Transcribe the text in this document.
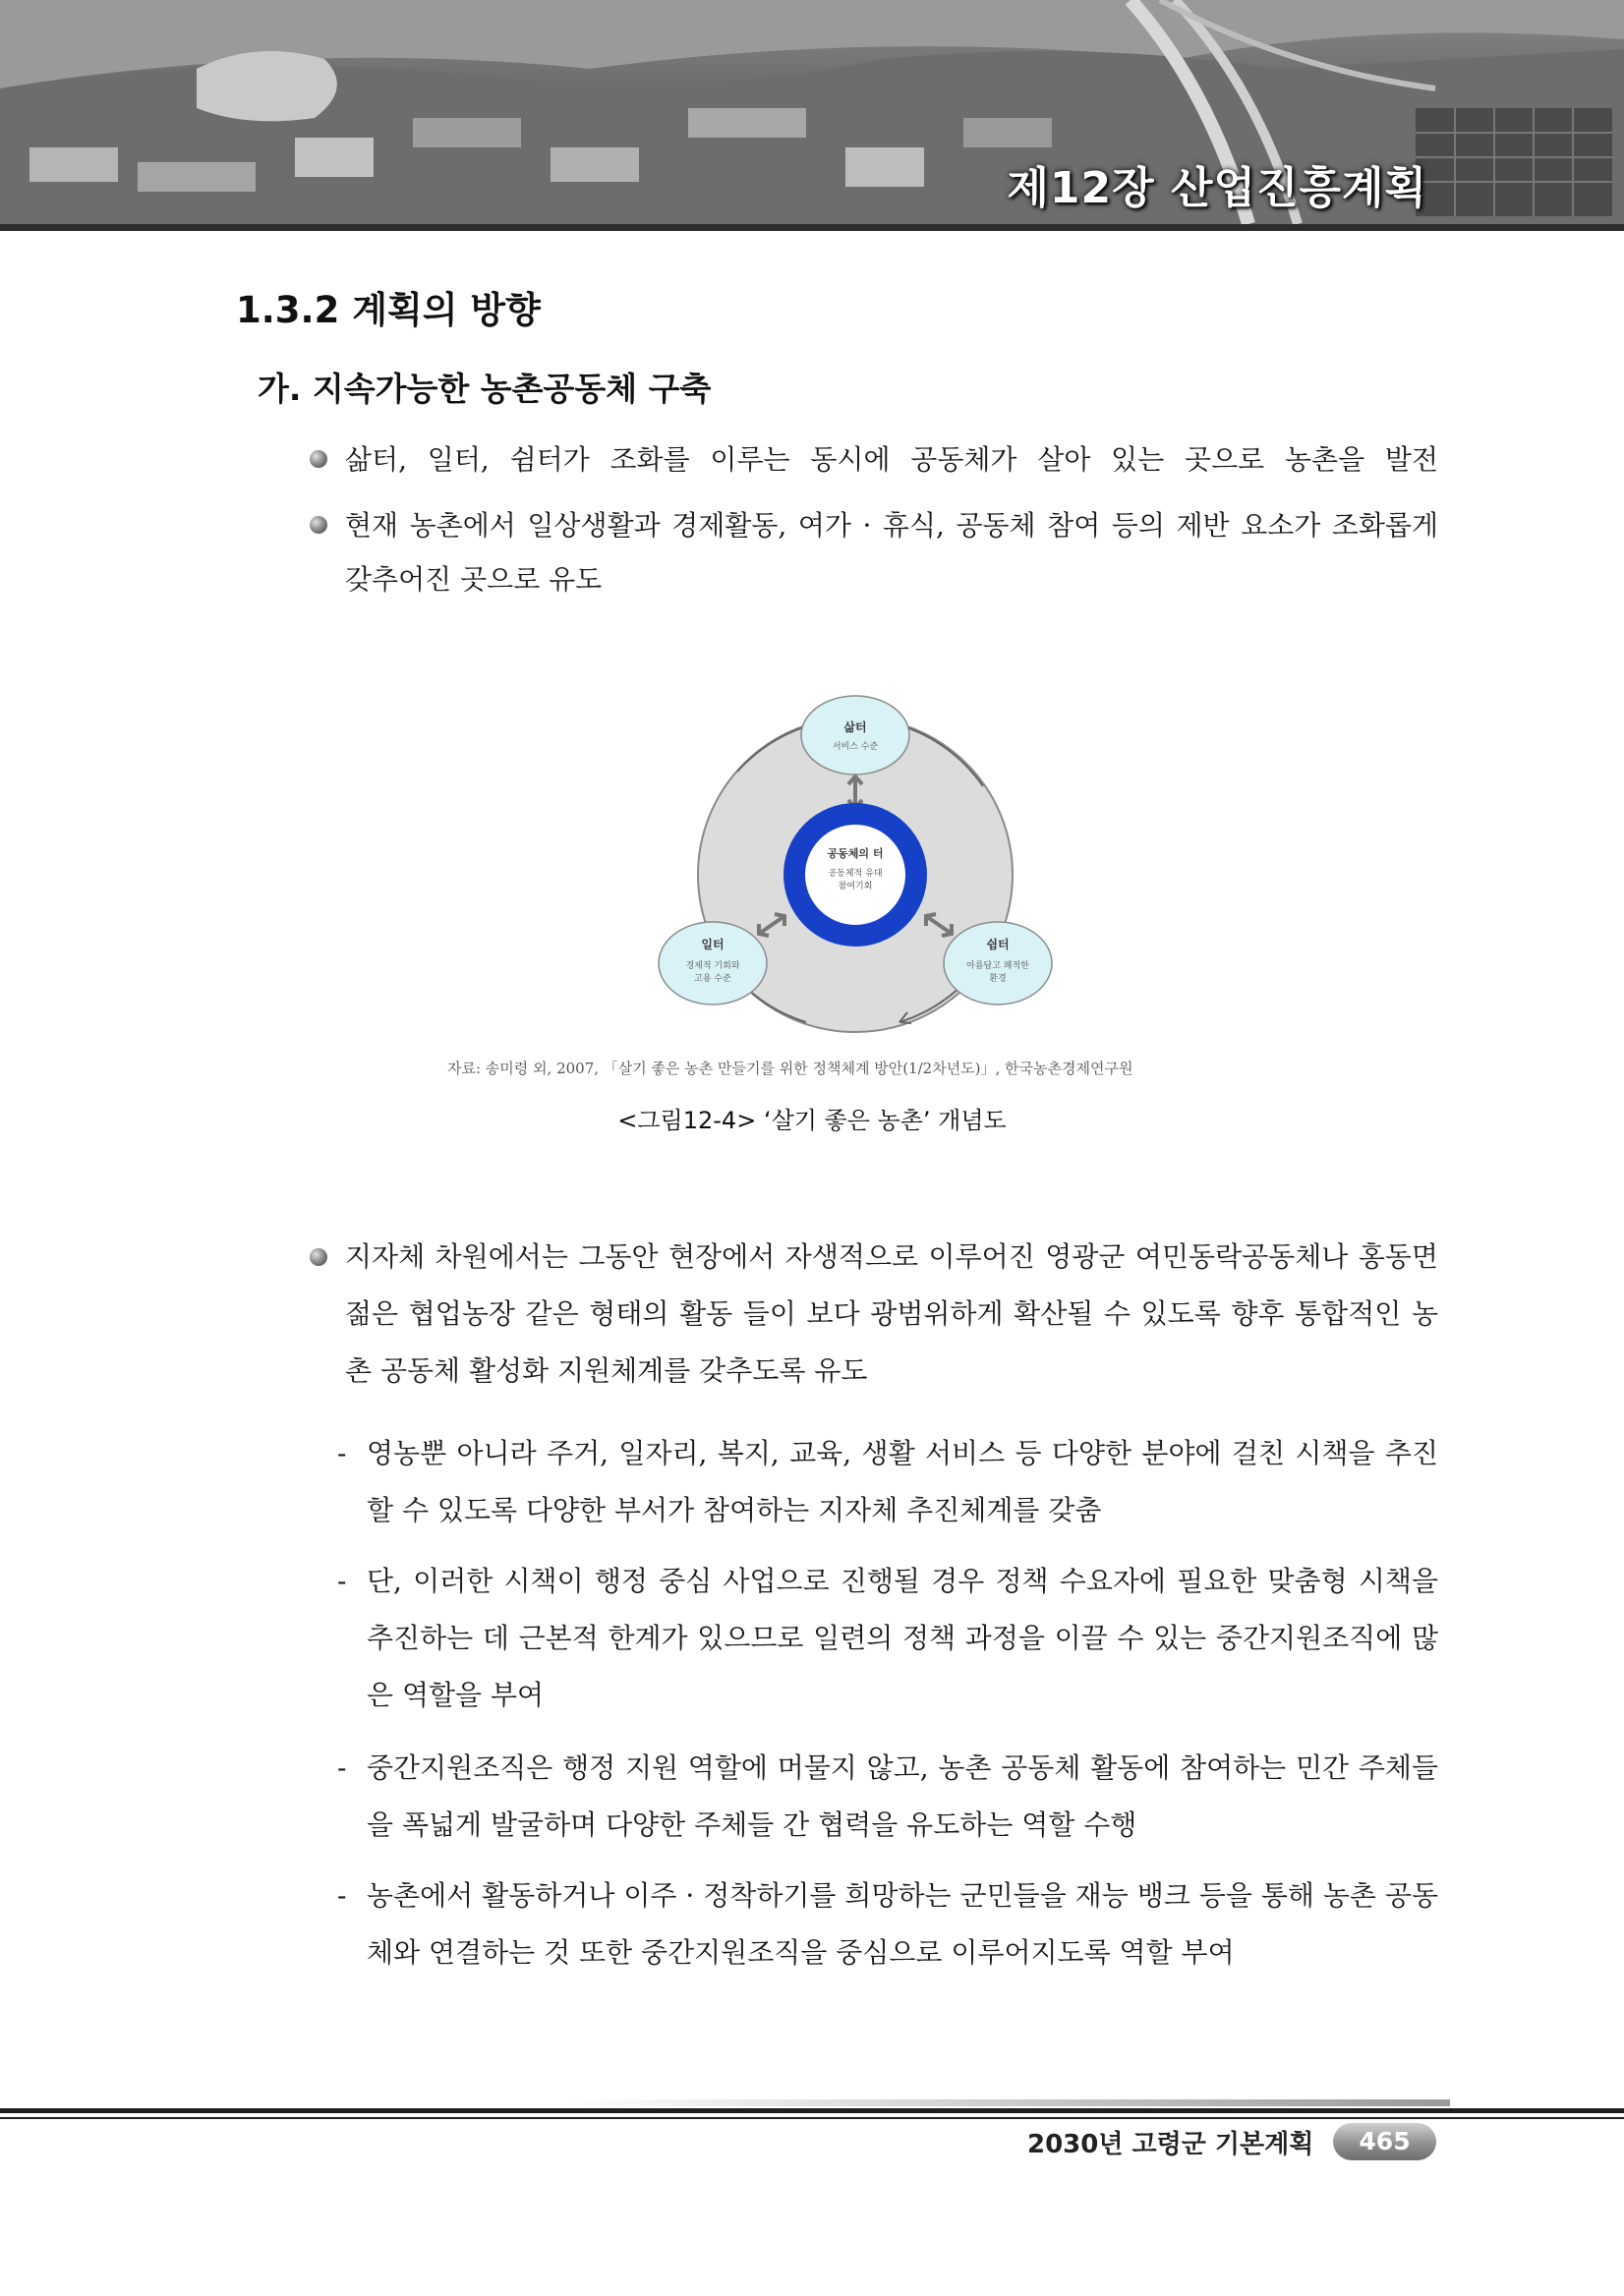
제12장 산업진흥계획
1.3.2 계획의 방향
가. 지속가능한 농촌공동체 구축
삶터, 일터, 쉼터가 조화를 이루는 동시에 공동체가 살아 있는 곳으로 농촌을 발전
현재 농촌에서 일상생활과 경제활동, 여가 · 휴식, 공동체 참여 등의 제반 요소가 조화롭게 갖추어진 곳으로 유도
공동체의 터
공동체적 유대
참여기회
삶터
서비스 수준
일터
경제적 기회와
고용 수준
쉼터
아름답고 쾌적한
환경
자료: 송미령 외, 2007, 「살기 좋은 농촌 만들기를 위한 정책체계 방안(1/2차년도)」, 한국농촌경제연구원
<그림12-4> ‘살기 좋은 농촌’ 개념도
지자체 차원에서는 그동안 현장에서 자생적으로 이루어진 영광군 여민동락공동체나 홍동면 젊은 협업농장 같은 형태의 활동 들이 보다 광범위하게 확산될 수 있도록 향후 통합적인 농촌 공동체 활성화 지원체계를 갖추도록 유도
- 영농뿐 아니라 주거, 일자리, 복지, 교육, 생활 서비스 등 다양한 분야에 걸친 시책을 추진할 수 있도록 다양한 부서가 참여하는 지자체 추진체계를 갖춤
- 단, 이러한 시책이 행정 중심 사업으로 진행될 경우 정책 수요자에 필요한 맞춤형 시책을 추진하는 데 근본적 한계가 있으므로 일련의 정책 과정을 이끌 수 있는 중간지원조직에 많은 역할을 부여
- 중간지원조직은 행정 지원 역할에 머물지 않고, 농촌 공동체 활동에 참여하는 민간 주체들을 폭넓게 발굴하며 다양한 주체들 간 협력을 유도하는 역할 수행
- 농촌에서 활동하거나 이주 · 정착하기를 희망하는 군민들을 재능 뱅크 등을 통해 농촌 공동체와 연결하는 것 또한 중간지원조직을 중심으로 이루어지도록 역할 부여
2030년 고령군 기본계획	465
